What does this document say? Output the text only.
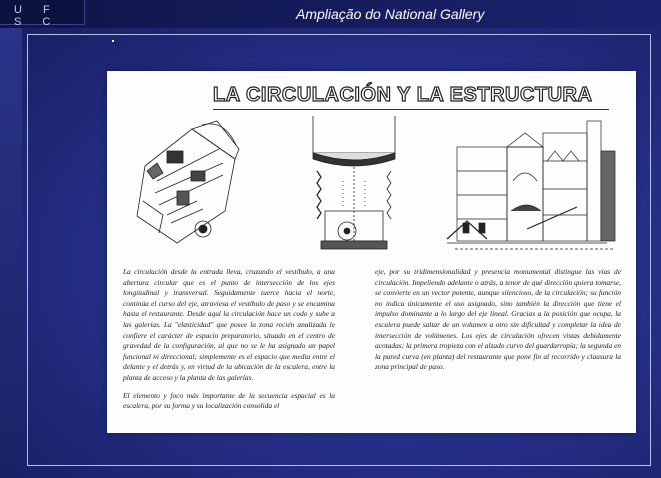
U F S C	Ampliação do National Gallery
LA CIRCULACIÓN Y LA ESTRUCTURA

La circulación desde la entrada lleva, cruzando el vestíbulo, a una abertura circular que es el punto de intersección de los ejes longitudinal y transversal. Seguidamente tuerce hacia el norte, continúa el curso del eje, atraviesa el vestíbulo de paso y se encamina hasta el restaurante. Desde aquí la circulación hace un codo y sube a las galerías. La "elasticidad" que posee la zona recién analizada le confiere el carácter de espacio preparatorio, situado en el centro de gravedad de la configuración, al que no se le ha asignado un papel funcional ni direccional; simplemente es el espacio que media entre el delante y el detrás y, en virtud de la ubicación de la escalera, entre la planta de acceso y la planta de las galerías.

El elemento y foco más importante de la secuencia espacial es la escalera, por su forma y su localización consolida el

eje, por su tridimensionalidad y presencia monumental distingue las vías de circulación. Impeliendo adelante o atrás, a tenor de qué dirección quiera tomarse, se convierte en un vector potente, aunque silencioso, de la circulación; su función no indica únicamente el uso asignado, sino también la dirección que tiene el impulso dominante a lo largo del eje lineal. Gracias a la posición que ocupa, la escalera puede saltar de un volumen a otro sin dificultad y completar la idea de intersección de volúmenes. Los ejes de circulación ofrecen vistas debidamente acotadas; la primera tropieza con el alzado curvo del guardarropía; la segunda en la pared curva (en planta) del restaurante que pone fin al recorrido y clausura la zona principal de paso.
